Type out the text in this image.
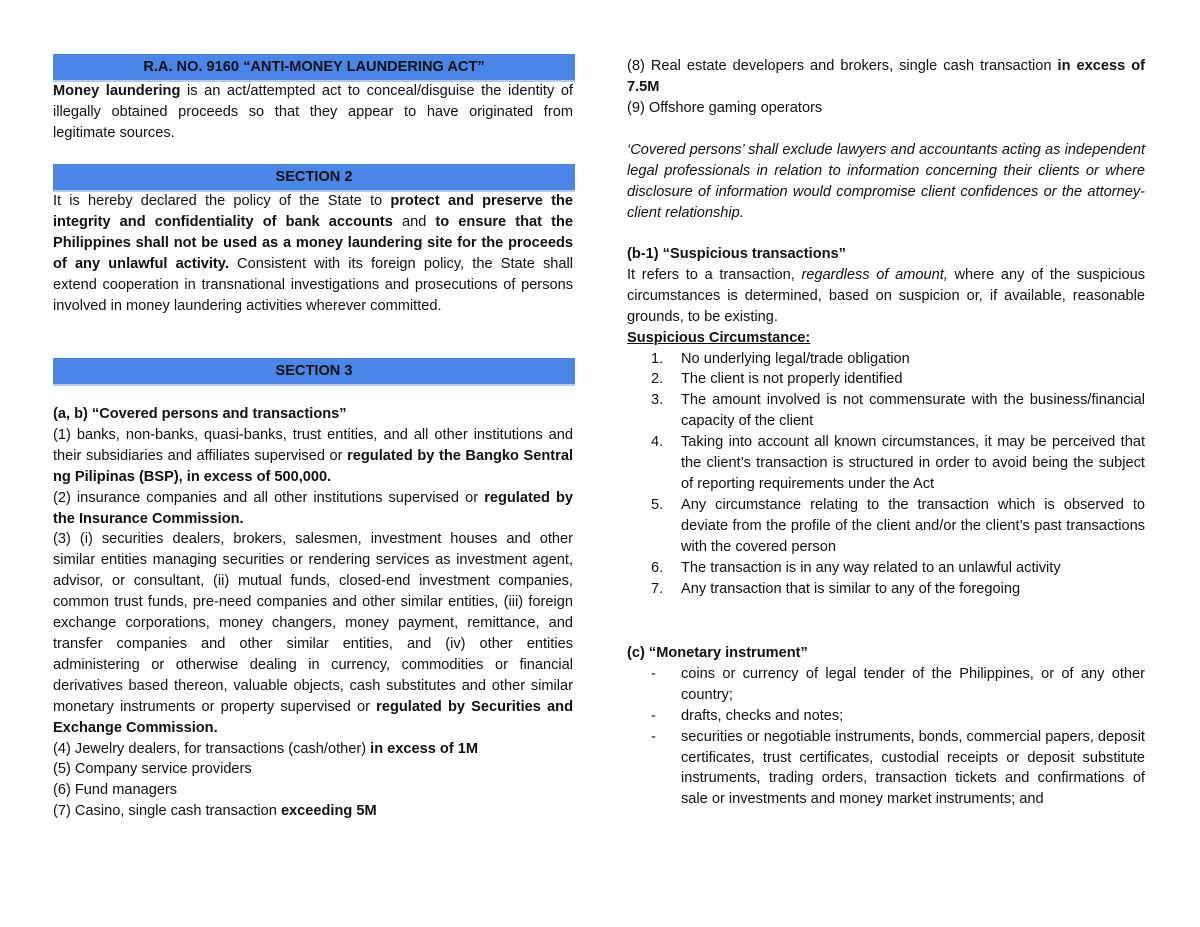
R.A. NO. 9160 “ANTI-MONEY LAUNDERING ACT”
Money laundering is an act/attempted act to conceal/disguise the identity of illegally obtained proceeds so that they appear to have originated from legitimate sources.
SECTION 2
It is hereby declared the policy of the State to protect and preserve the integrity and confidentiality of bank accounts and to ensure that the Philippines shall not be used as a money laundering site for the proceeds of any unlawful activity. Consistent with its foreign policy, the State shall extend cooperation in transnational investigations and prosecutions of persons involved in money laundering activities wherever committed.
SECTION 3
(a, b) “Covered persons and transactions”
(1) banks, non-banks, quasi-banks, trust entities, and all other institutions and their subsidiaries and affiliates supervised or regulated by the Bangko Sentral ng Pilipinas (BSP), in excess of 500,000.
(2) insurance companies and all other institutions supervised or regulated by the Insurance Commission.
(3) (i) securities dealers, brokers, salesmen, investment houses and other similar entities managing securities or rendering services as investment agent, advisor, or consultant, (ii) mutual funds, closed-end investment companies, common trust funds, pre-need companies and other similar entities, (iii) foreign exchange corporations, money changers, money payment, remittance, and transfer companies and other similar entities, and (iv) other entities administering or otherwise dealing in currency, commodities or financial derivatives based thereon, valuable objects, cash substitutes and other similar monetary instruments or property supervised or regulated by Securities and Exchange Commission.
(4) Jewelry dealers, for transactions (cash/other) in excess of 1M
(5) Company service providers
(6) Fund managers
(7) Casino, single cash transaction exceeding 5M
(8) Real estate developers and brokers, single cash transaction in excess of 7.5M
(9) Offshore gaming operators
‘Covered persons’ shall exclude lawyers and accountants acting as independent legal professionals in relation to information concerning their clients or where disclosure of information would compromise client confidences or the attorney-client relationship.
(b-1) “Suspicious transactions”
It refers to a transaction, regardless of amount, where any of the suspicious circumstances is determined, based on suspicion or, if available, reasonable grounds, to be existing.
Suspicious Circumstance:
1. No underlying legal/trade obligation
2. The client is not properly identified
3. The amount involved is not commensurate with the business/financial capacity of the client
4. Taking into account all known circumstances, it may be perceived that the client’s transaction is structured in order to avoid being the subject of reporting requirements under the Act
5. Any circumstance relating to the transaction which is observed to deviate from the profile of the client and/or the client’s past transactions with the covered person
6. The transaction is in any way related to an unlawful activity
7. Any transaction that is similar to any of the foregoing
(c) “Monetary instrument”
- coins or currency of legal tender of the Philippines, or of any other country;
- drafts, checks and notes;
- securities or negotiable instruments, bonds, commercial papers, deposit certificates, trust certificates, custodial receipts or deposit substitute instruments, trading orders, transaction tickets and confirmations of sale or investments and money market instruments; and
